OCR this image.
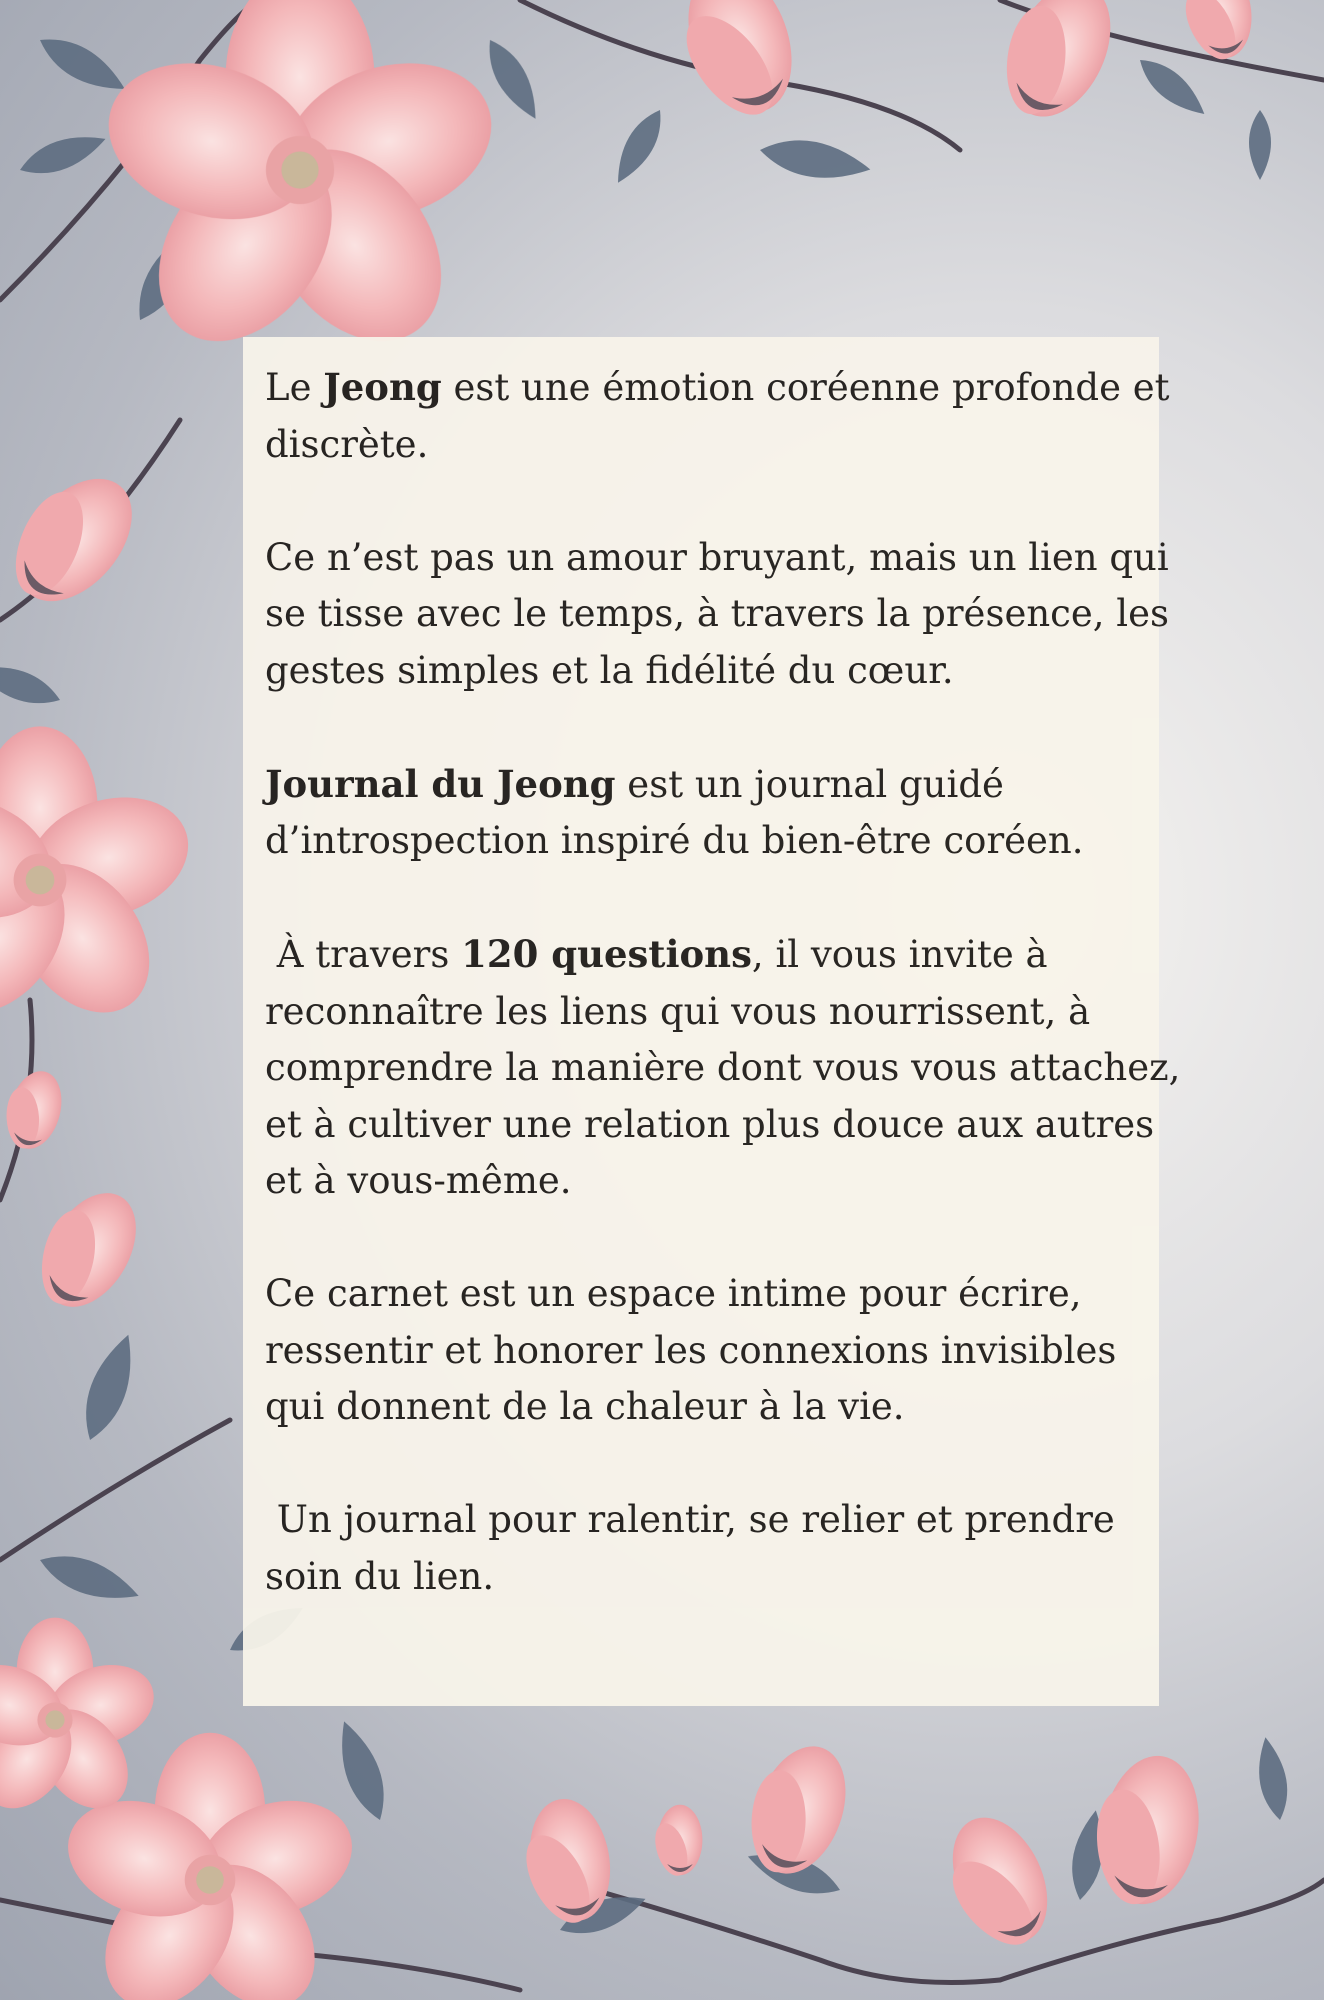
Le Jeong est une émotion coréenne profonde et
discrète.

Ce n’est pas un amour bruyant, mais un lien qui
se tisse avec le temps, à travers la présence, les
gestes simples et la fidélité du cœur.

Journal du Jeong est un journal guidé
d’introspection inspiré du bien-être coréen.

À travers 120 questions, il vous invite à
reconnaître les liens qui vous nourrissent, à
comprendre la manière dont vous vous attachez,
et à cultiver une relation plus douce aux autres
et à vous-même.

Ce carnet est un espace intime pour écrire,
ressentir et honorer les connexions invisibles
qui donnent de la chaleur à la vie.

Un journal pour ralentir, se relier et prendre
soin du lien.
